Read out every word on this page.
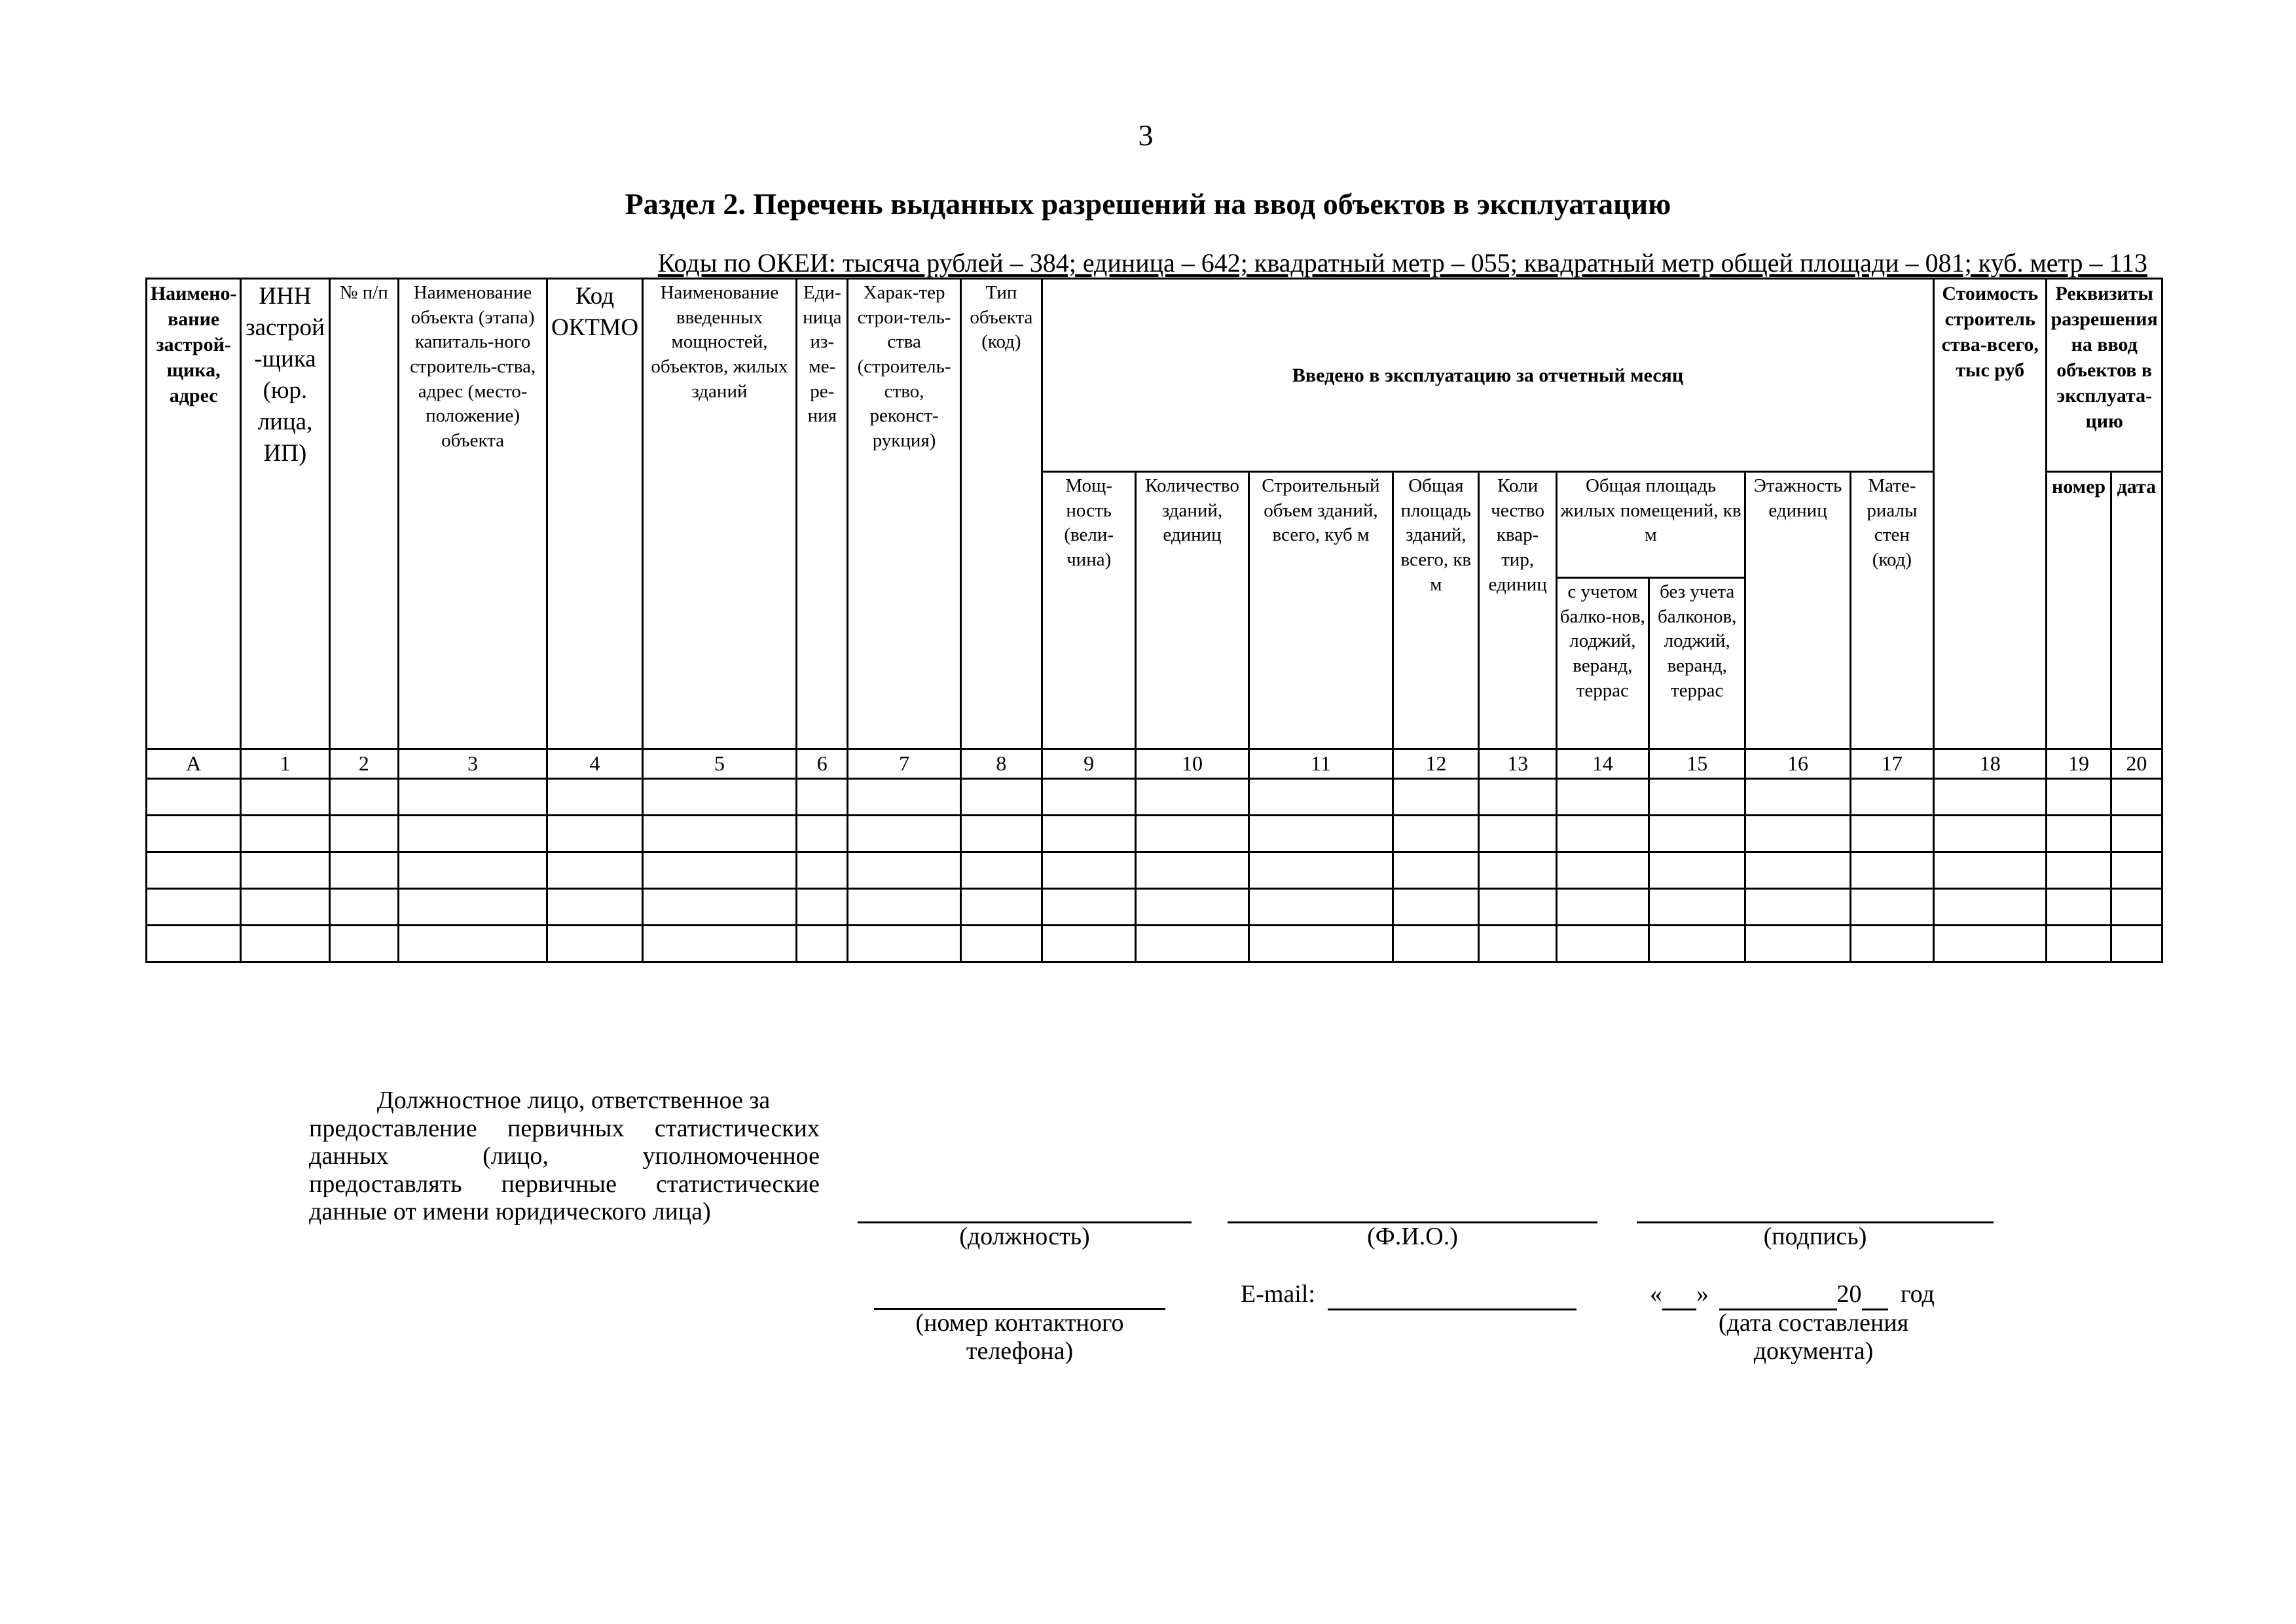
3
Раздел 2. Перечень выданных разрешений на ввод объектов в эксплуатацию
Коды по ОКЕИ: тысяча рублей – 384; единица – 642; квадратный метр – 055; квадратный метр общей площади – 081; куб. метр – 113
Наимено-вание застрой-щика, адрес	ИНН застрой-щика (юр. лица, ИП)	№ п/п	Наименование объекта (этапа) капиталь-ного строитель-ства, адрес (место-положение) объекта	Код ОКТМО	Наименование введенных мощностей, объектов, жилых зданий	Еди-ница из-ме-ре-ния	Харак-тер строи-тель-ства (строитель-ство, реконст-рукция)	Тип объекта (код)	Введено в эксплуатацию за отчетный месяц									Стоимость строитель ства-всего, тыс руб	Реквизиты разрешения на ввод объектов в эксплуата-цию	
									Мощ-ность (вели-чина)	Количество зданий, единиц	Строительный объем зданий, всего, куб м	Общая площадь зданий, всего, кв м	Коли чество квар-тир, единиц	Общая площадь жилых помещений, кв м		Этажность единиц	Мате-риалы стен (код)		номер	дата
														с учетом балко-нов, лоджий, веранд, террас	без учета балконов, лоджий, веранд, террас					
А	1	2	3	4	5	6	7	8	9	10	11	12	13	14	15	16	17	18	19	20

Должностное лицо, ответственное за
предоставление первичных статистических
данных (лицо, уполномоченное
предоставлять первичные статистические
данные от имени юридического лица)
(должность)	(Ф.И.О.)	(подпись)
(номер контактного
телефона)
E-mail:	« »	20 год
(дата составления
документа)
